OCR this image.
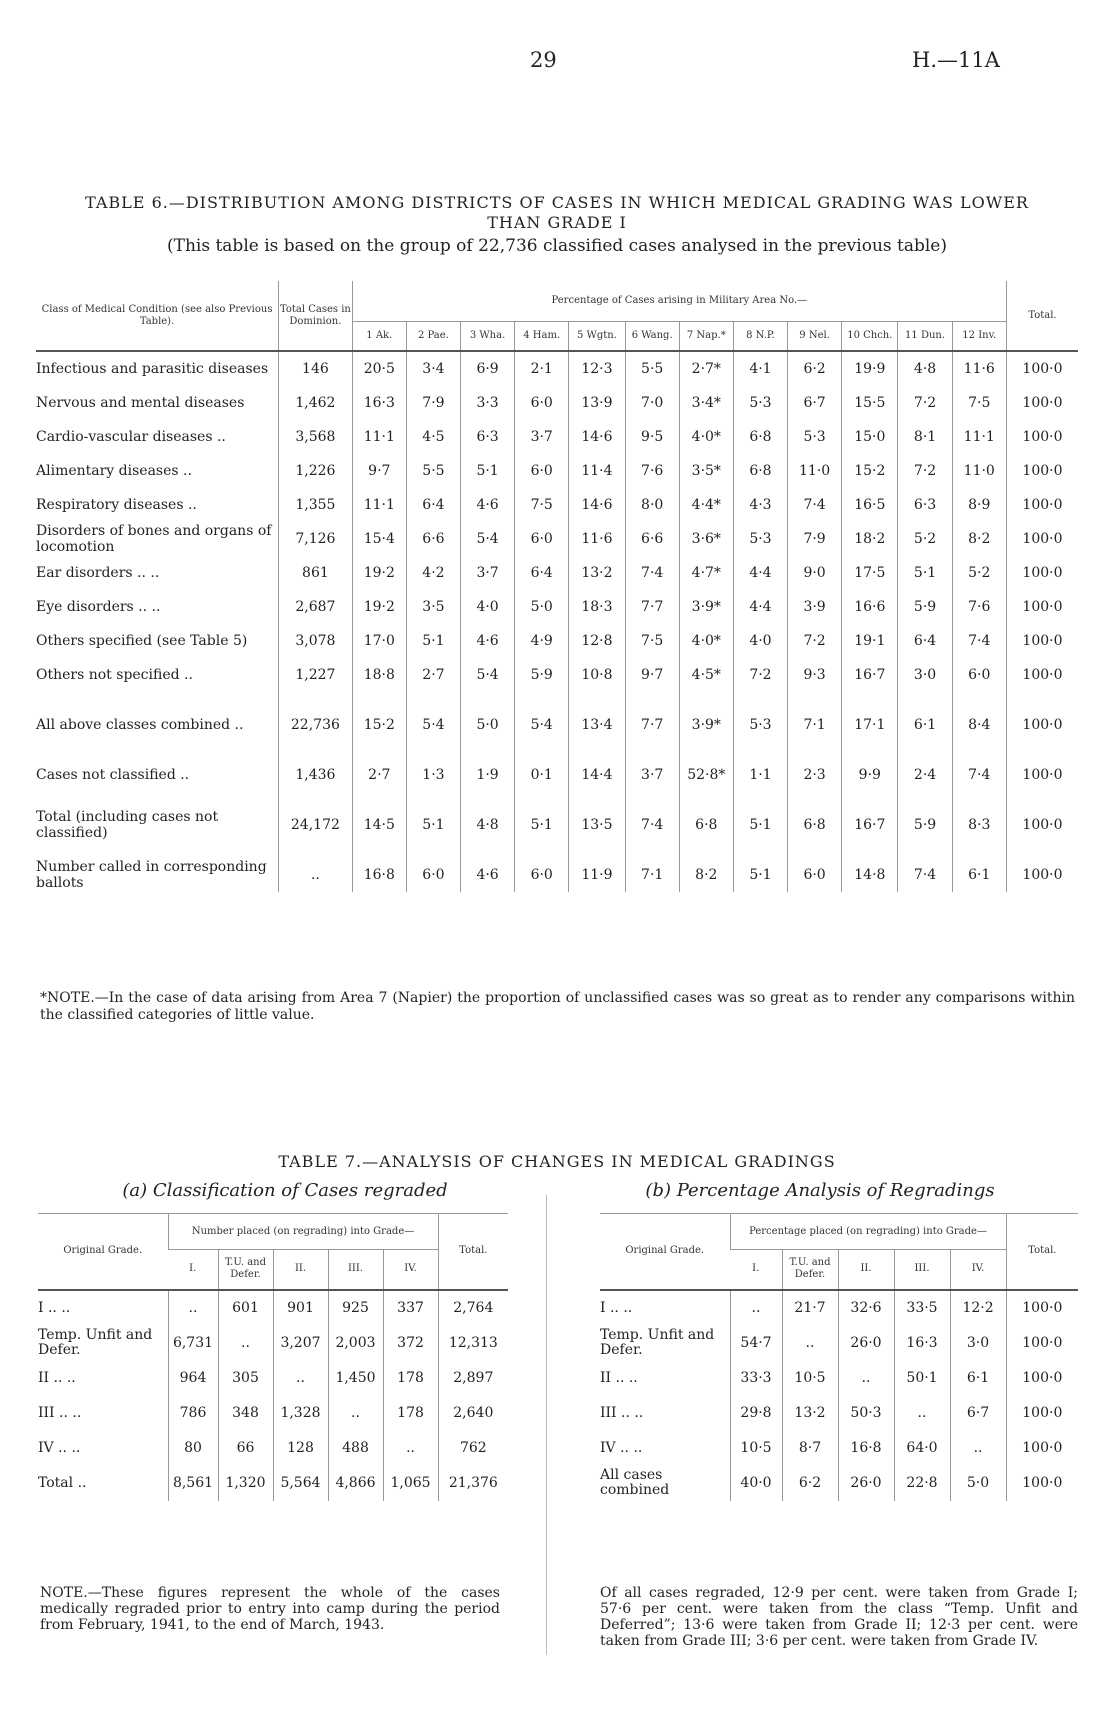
29	H.—11A
TABLE 6.—DISTRIBUTION AMONG DISTRICTS OF CASES IN WHICH MEDICAL GRADING WAS LOWER
THAN GRADE I
(This table is based on the group of 22,736 classified cases analysed in the previous table)
Class of Medical Condition (see also Previous Table).	Total Cases in Dominion.	Percentage of Cases arising in Military Area No.—												Total.
		1 Ak.	2 Pae.	3 Wha.	4 Ham.	5 Wgtn.	6 Wang.	7 Nap.*	8 N.P.	9 Nel.	10 Chch.	11 Dun.	12 Inv.	
Infectious and parasitic diseases	146	20·5	3·4	6·9	2·1	12·3	5·5	2·7*	4·1	6·2	19·9	4·8	11·6	100·0
Nervous and mental diseases	1,462	16·3	7·9	3·3	6·0	13·9	7·0	3·4*	5·3	6·7	15·5	7·2	7·5	100·0
Cardio-vascular diseases ..	3,568	11·1	4·5	6·3	3·7	14·6	9·5	4·0*	6·8	5·3	15·0	8·1	11·1	100·0
Alimentary diseases ..	1,226	9·7	5·5	5·1	6·0	11·4	7·6	3·5*	6·8	11·0	15·2	7·2	11·0	100·0
Respiratory diseases ..	1,355	11·1	6·4	4·6	7·5	14·6	8·0	4·4*	4·3	7·4	16·5	6·3	8·9	100·0
Disorders of bones and organs of locomotion	7,126	15·4	6·6	5·4	6·0	11·6	6·6	3·6*	5·3	7·9	18·2	5·2	8·2	100·0
Ear disorders .. ..	861	19·2	4·2	3·7	6·4	13·2	7·4	4·7*	4·4	9·0	17·5	5·1	5·2	100·0
Eye disorders .. ..	2,687	19·2	3·5	4·0	5·0	18·3	7·7	3·9*	4·4	3·9	16·6	5·9	7·6	100·0
Others specified (see Table 5)	3,078	17·0	5·1	4·6	4·9	12·8	7·5	4·0*	4·0	7·2	19·1	6·4	7·4	100·0
Others not specified ..	1,227	18·8	2·7	5·4	5·9	10·8	9·7	4·5*	7·2	9·3	16·7	3·0	6·0	100·0
All above classes combined ..	22,736	15·2	5·4	5·0	5·4	13·4	7·7	3·9*	5·3	7·1	17·1	6·1	8·4	100·0
Cases not classified ..	1,436	2·7	1·3	1·9	0·1	14·4	3·7	52·8*	1·1	2·3	9·9	2·4	7·4	100·0
Total (including cases not classified)	24,172	14·5	5·1	4·8	5·1	13·5	7·4	6·8	5·1	6·8	16·7	5·9	8·3	100·0
Number called in corresponding ballots	..	16·8	6·0	4·6	6·0	11·9	7·1	8·2	5·1	6·0	14·8	7·4	6·1	100·0
*NOTE.—In the case of data arising from Area 7 (Napier) the proportion of unclassified cases was so great as to render any comparisons within the classified categories of little value.
TABLE 7.—ANALYSIS OF CHANGES IN MEDICAL GRADINGS
(a) Classification of Cases regraded	(b) Percentage Analysis of Regradings
Original Grade.	Number placed (on regrading) into Grade—					Total.
	I.	T.U. and Defer.	II.	III.	IV.	
I .. ..	..	601	901	925	337	2,764
Temp. Unfit and Defer.	6,731	..	3,207	2,003	372	12,313
II .. ..	964	305	..	1,450	178	2,897
III .. ..	786	348	1,328	..	178	2,640
IV .. ..	80	66	128	488	..	762
Total ..	8,561	1,320	5,564	4,866	1,065	21,376
Original Grade.	Percentage placed (on regrading) into Grade—					Total.
	I.	T.U. and Defer.	II.	III.	IV.	
I .. ..	..	21·7	32·6	33·5	12·2	100·0
Temp. Unfit and Defer.	54·7	..	26·0	16·3	3·0	100·0
II .. ..	33·3	10·5	..	50·1	6·1	100·0
III .. ..	29·8	13·2	50·3	..	6·7	100·0
IV .. ..	10·5	8·7	16·8	64·0	..	100·0
All cases combined	40·0	6·2	26·0	22·8	5·0	100·0
NOTE.—These figures represent the whole of the cases medically regraded prior to entry into camp during the period from February, 1941, to the end of March, 1943.
Of all cases regraded, 12·9 per cent. were taken from Grade I; 57·6 per cent. were taken from the class “Temp. Unfit and Deferred”; 13·6 were taken from Grade II; 12·3 per cent. were taken from Grade III; 3·6 per cent. were taken from Grade IV.
